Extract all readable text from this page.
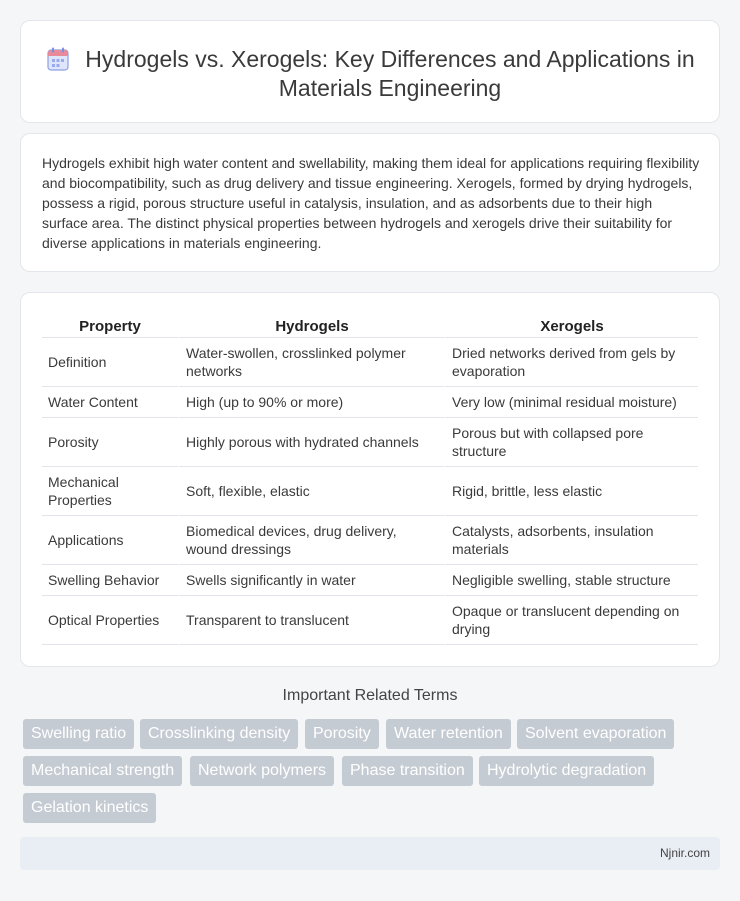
Hydrogels vs. Xerogels: Key Differences and Applications in Materials Engineering

Hydrogels exhibit high water content and swellability, making them ideal for applications requiring flexibility and biocompatibility, such as drug delivery and tissue engineering. Xerogels, formed by drying hydrogels, possess a rigid, porous structure useful in catalysis, insulation, and as adsorbents due to their high surface area. The distinct physical properties between hydrogels and xerogels drive their suitability for diverse applications in materials engineering.

Property	Hydrogels	Xerogels
Definition	Water-swollen, crosslinked polymer networks	Dried networks derived from gels by evaporation
Water Content	High (up to 90% or more)	Very low (minimal residual moisture)
Porosity	Highly porous with hydrated channels	Porous but with collapsed pore structure
Mechanical Properties	Soft, flexible, elastic	Rigid, brittle, less elastic
Applications	Biomedical devices, drug delivery, wound dressings	Catalysts, adsorbents, insulation materials
Swelling Behavior	Swells significantly in water	Negligible swelling, stable structure
Optical Properties	Transparent to translucent	Opaque or translucent depending on drying
Important Related Terms
Swelling ratio	Crosslinking density	Porosity	Water retention	Solvent evaporation
Mechanical strength	Network polymers	Phase transition	Hydrolytic degradation
Gelation kinetics
Njnir.com
